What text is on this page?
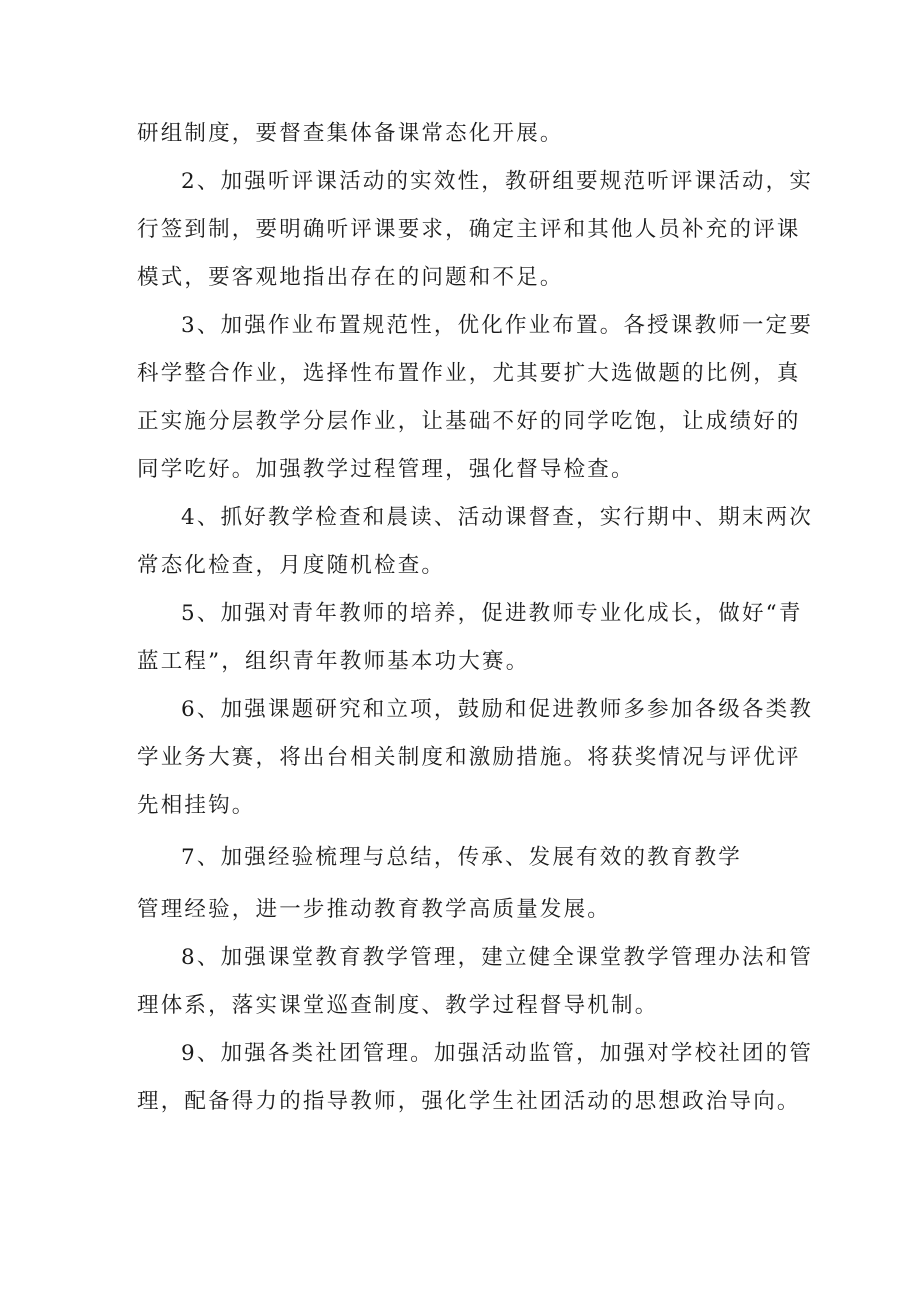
研组制度，要督查集体备课常态化开展。

2、加强听评课活动的实效性，教研组要规范听评课活动，实
行签到制，要明确听评课要求，确定主评和其他人员补充的评课
模式，要客观地指出存在的问题和不足。

3、加强作业布置规范性，优化作业布置。各授课教师一定要
科学整合作业，选择性布置作业，尤其要扩大选做题的比例，真
正实施分层教学分层作业，让基础不好的同学吃饱，让成绩好的
同学吃好。加强教学过程管理，强化督导检查。

4、抓好教学检查和晨读、活动课督查，实行期中、期末两次
常态化检查，月度随机检查。

5、加强对青年教师的培养，促进教师专业化成长，做好“青
蓝工程”，组织青年教师基本功大赛。

6、加强课题研究和立项，鼓励和促进教师多参加各级各类教
学业务大赛，将出台相关制度和激励措施。将获奖情况与评优评
先相挂钩。

7、加强经验梳理与总结，传承、发展有效的教育教学
管理经验，进一步推动教育教学高质量发展。

8、加强课堂教育教学管理，建立健全课堂教学管理办法和管
理体系，落实课堂巡查制度、教学过程督导机制。

9、加强各类社团管理。加强活动监管，加强对学校社团的管
理，配备得力的指导教师，强化学生社团活动的思想政治导向。
